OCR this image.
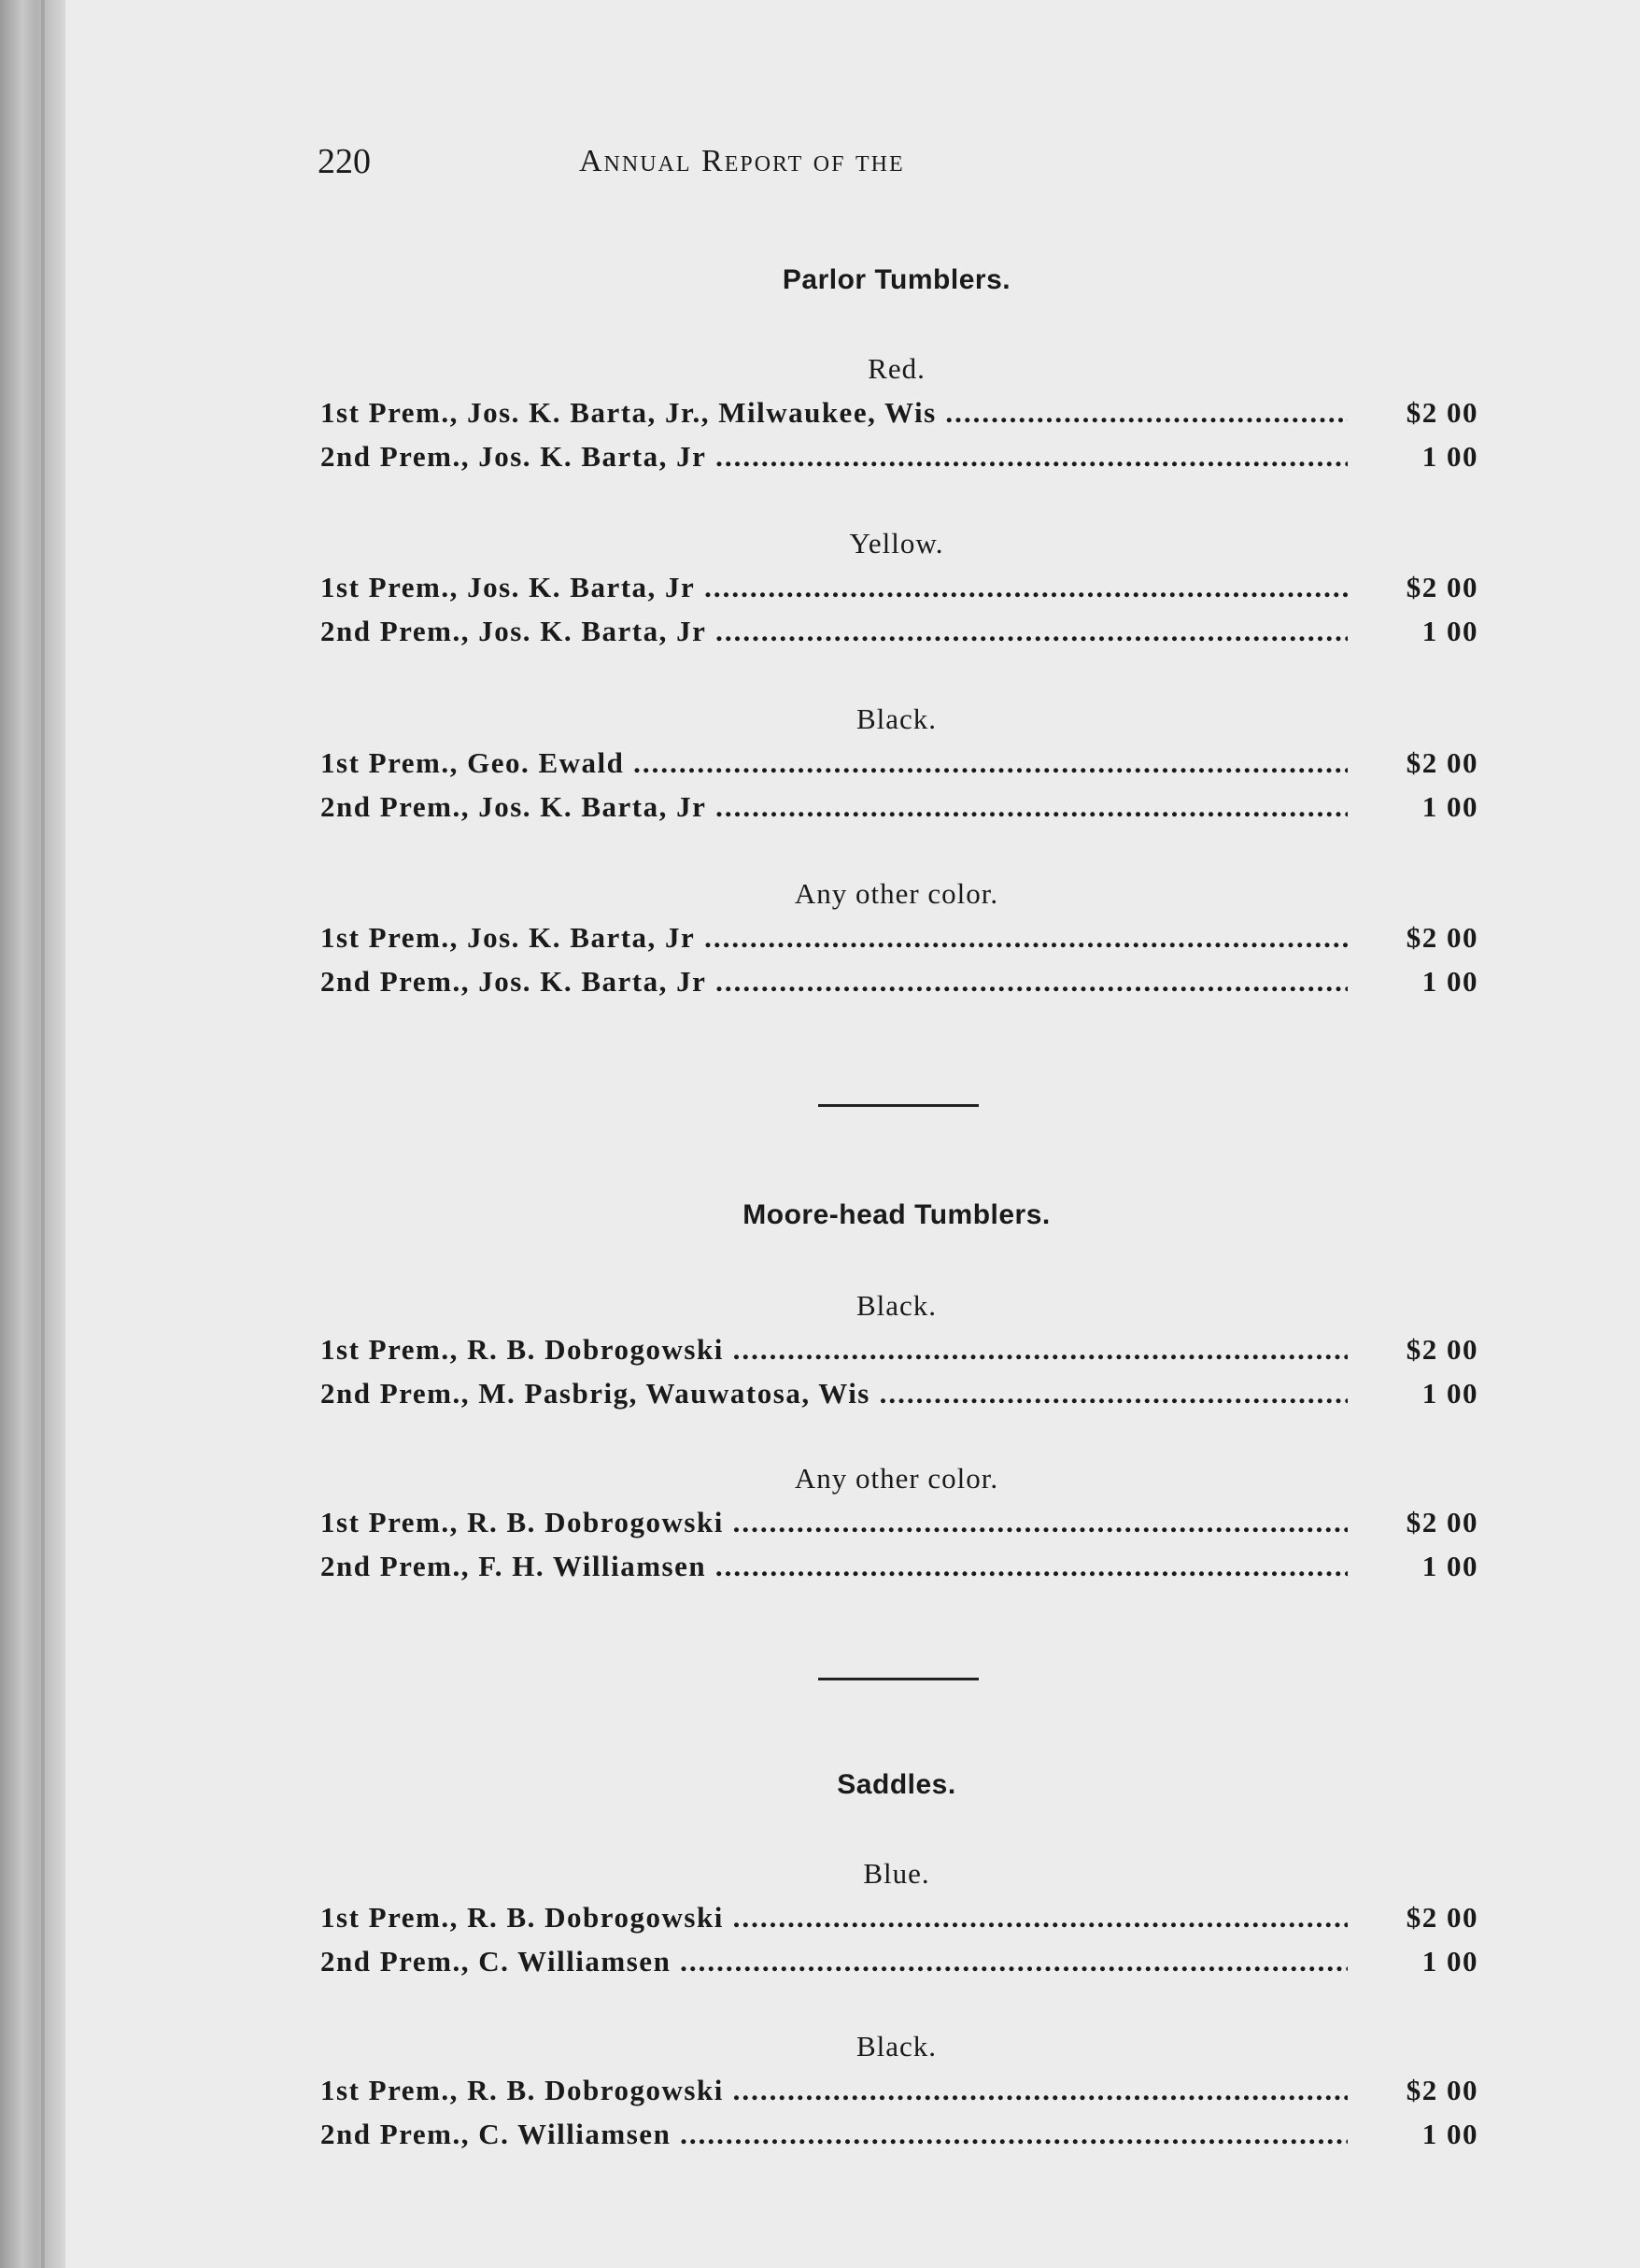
220	Annual Report of the
Parlor Tumblers.
Red.
1st Prem., Jos. K. Barta, Jr., Milwaukee, Wis .....	$2 00
2nd Prem., Jos. K. Barta, Jr .....	1 00
Yellow.
1st Prem., Jos. K. Barta, Jr .....	$2 00
2nd Prem., Jos. K. Barta, Jr .....	1 00
Black.
1st Prem., Geo. Ewald .....	$2 00
2nd Prem., Jos. K. Barta, Jr .....	1 00
Any other color.
1st Prem., Jos. K. Barta, Jr .....	$2 00
2nd Prem., Jos. K. Barta, Jr .....	1 00
Moore-head Tumblers.
Black.
1st Prem., R. B. Dobrogowski .....	$2 00
2nd Prem., M. Pasbrig, Wauwatosa, Wis .....	1 00
Any other color.
1st Prem., R. B. Dobrogowski .....	$2 00
2nd Prem., F. H. Williamsen .....	1 00
Saddles.
Blue.
1st Prem., R. B. Dobrogowski .....	$2 00
2nd Prem., C. Williamsen .....	1 00
Black.
1st Prem., R. B. Dobrogowski .....	$2 00
2nd Prem., C. Williamsen .....	1 00
